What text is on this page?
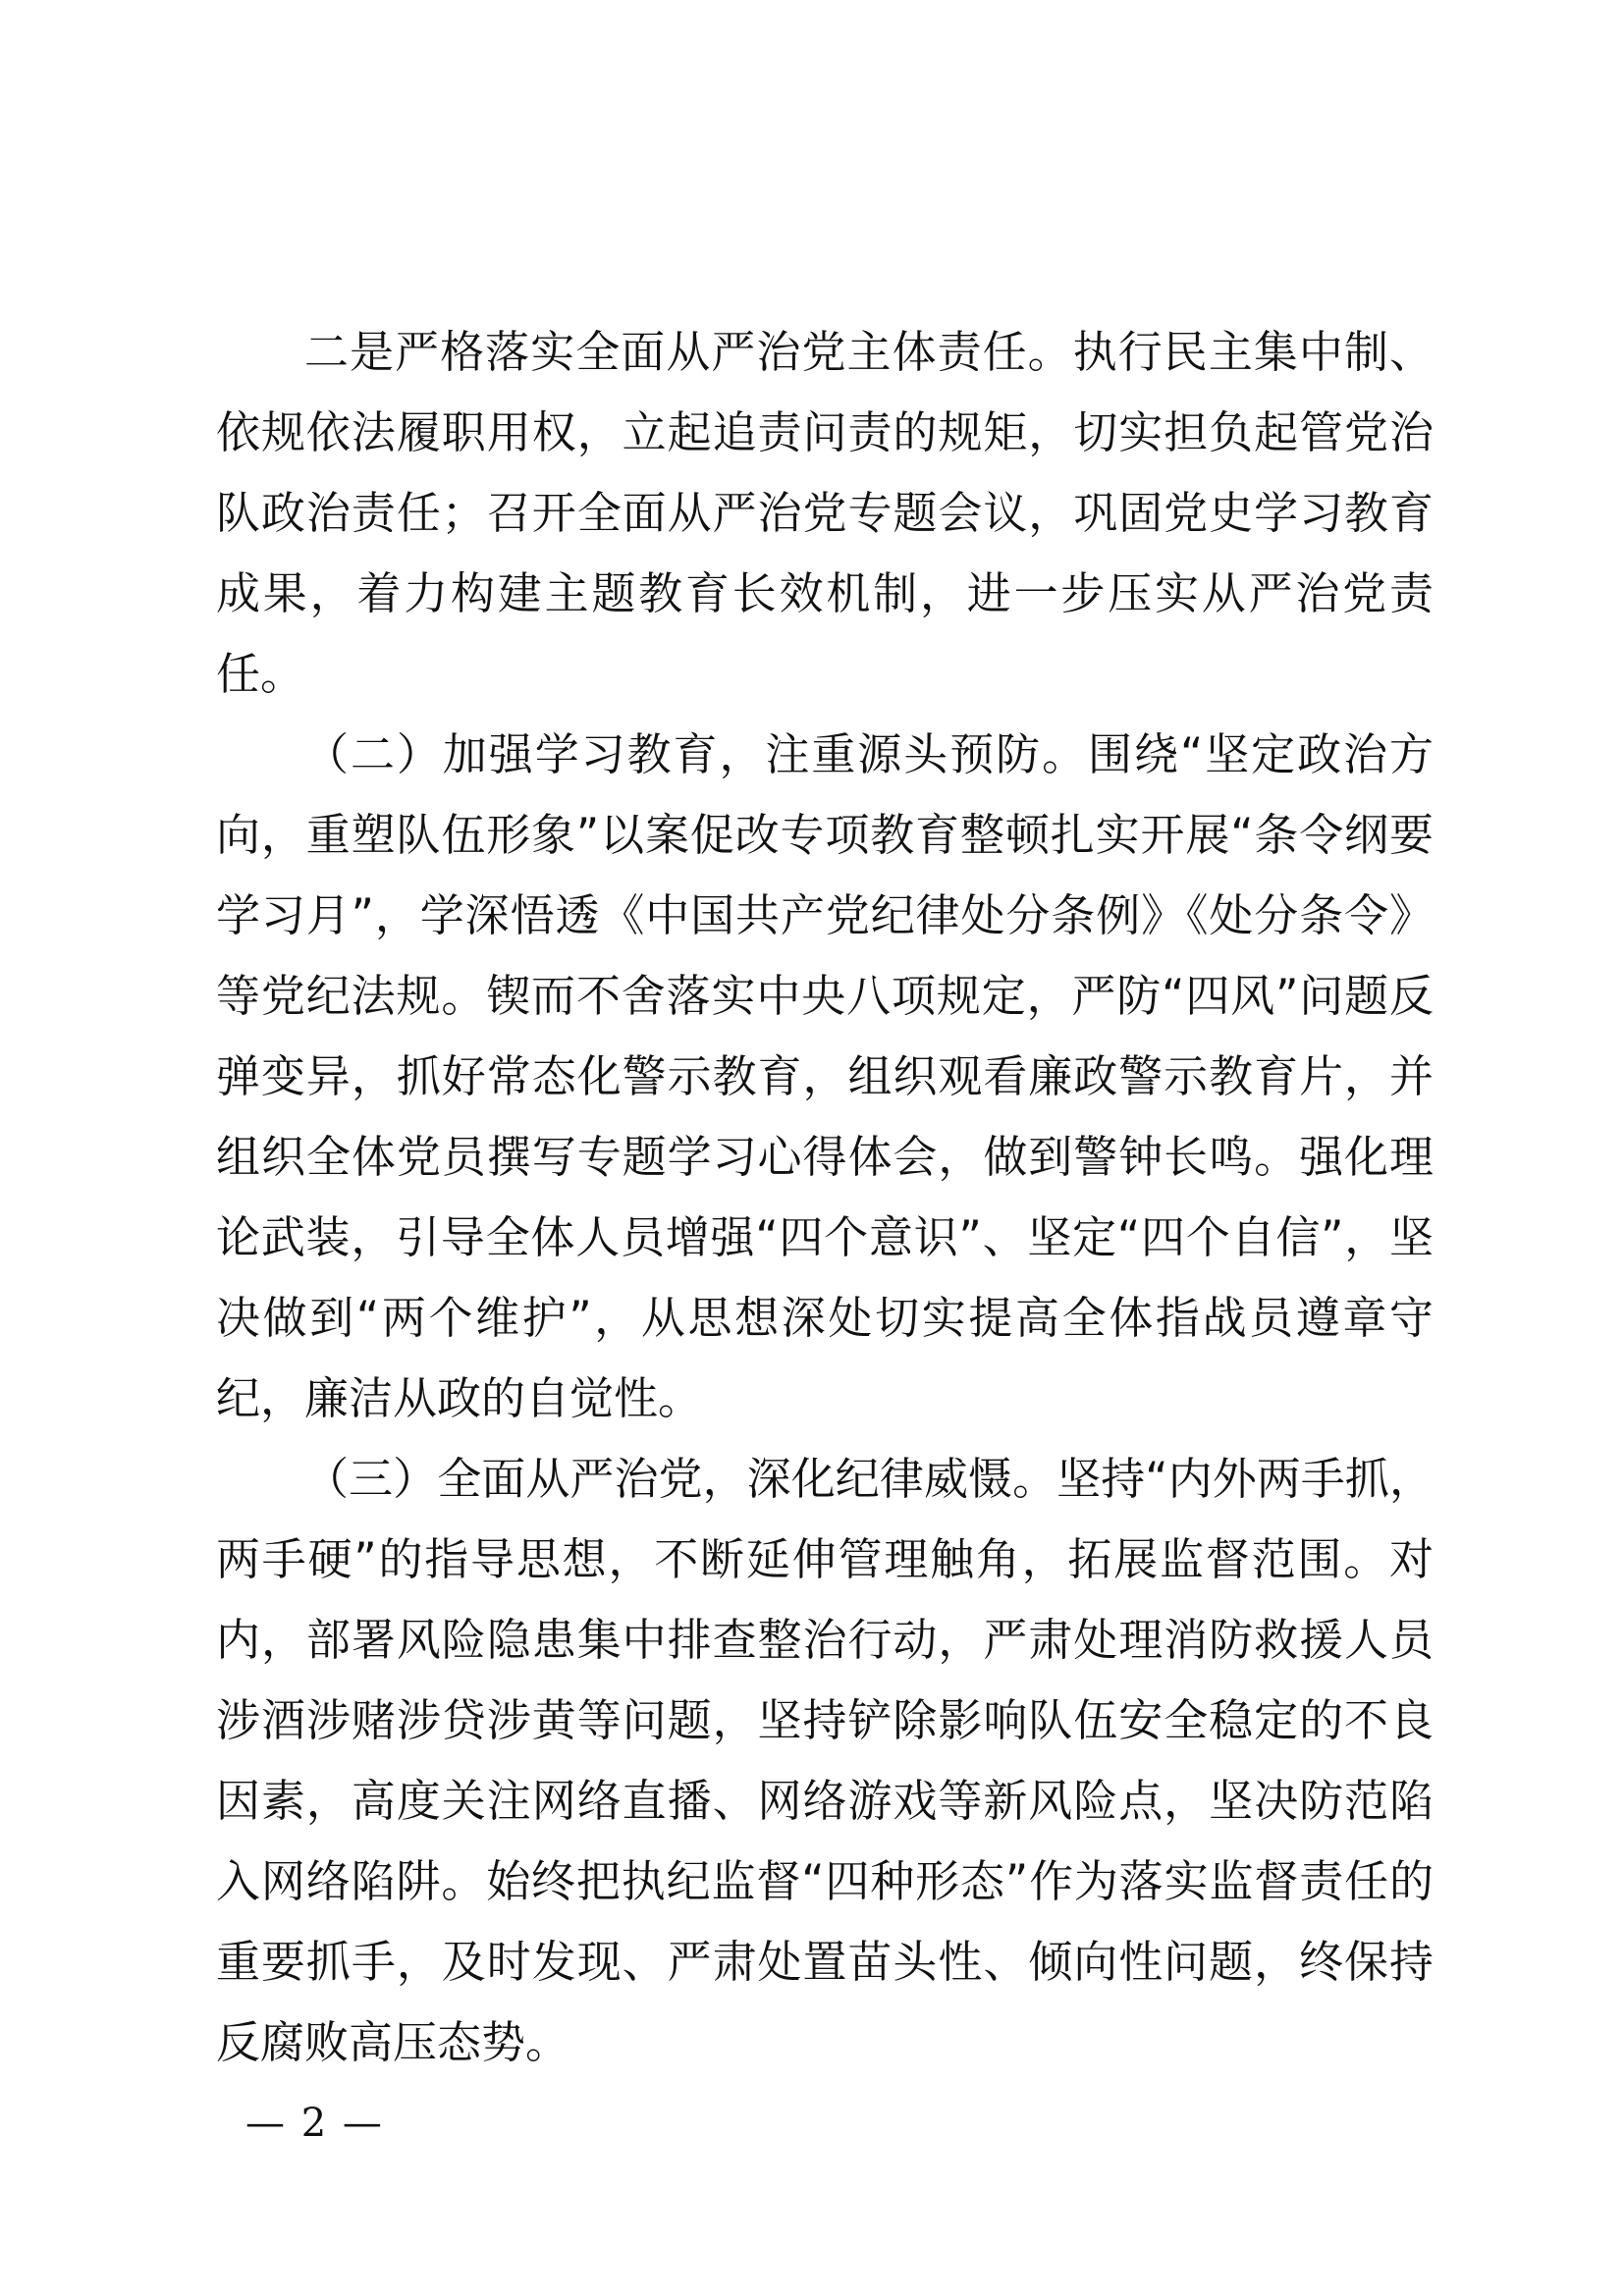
二是严格落实全面从严治党主体责任。执行民主集中制、依规依法履职用权，立起追责问责的规矩，切实担负起管党治队政治责任；召开全面从严治党专题会议，巩固党史学习教育成果，着力构建主题教育长效机制，进一步压实从严治党责任。

（二）加强学习教育，注重源头预防。围绕“坚定政治方向，重塑队伍形象”以案促改专项教育整顿扎实开展“条令纲要学习月”，学深悟透《中国共产党纪律处分条例》《处分条令》等党纪法规。锲而不舍落实中央八项规定，严防“四风”问题反弹变异，抓好常态化警示教育，组织观看廉政警示教育片，并组织全体党员撰写专题学习心得体会，做到警钟长鸣。强化理论武装，引导全体人员增强“四个意识”、坚定“四个自信”，坚决做到“两个维护”，从思想深处切实提高全体指战员遵章守纪，廉洁从政的自觉性。

（三）全面从严治党，深化纪律威慑。坚持“内外两手抓，两手硬”的指导思想，不断延伸管理触角，拓展监督范围。对内，部署风险隐患集中排查整治行动，严肃处理消防救援人员涉酒涉赌涉贷涉黄等问题，坚持铲除影响队伍安全稳定的不良因素，高度关注网络直播、网络游戏等新风险点，坚决防范陷入网络陷阱。始终把执纪监督“四种形态”作为落实监督责任的重要抓手，及时发现、严肃处置苗头性、倾向性问题，终保持反腐败高压态势。

— 2 —
